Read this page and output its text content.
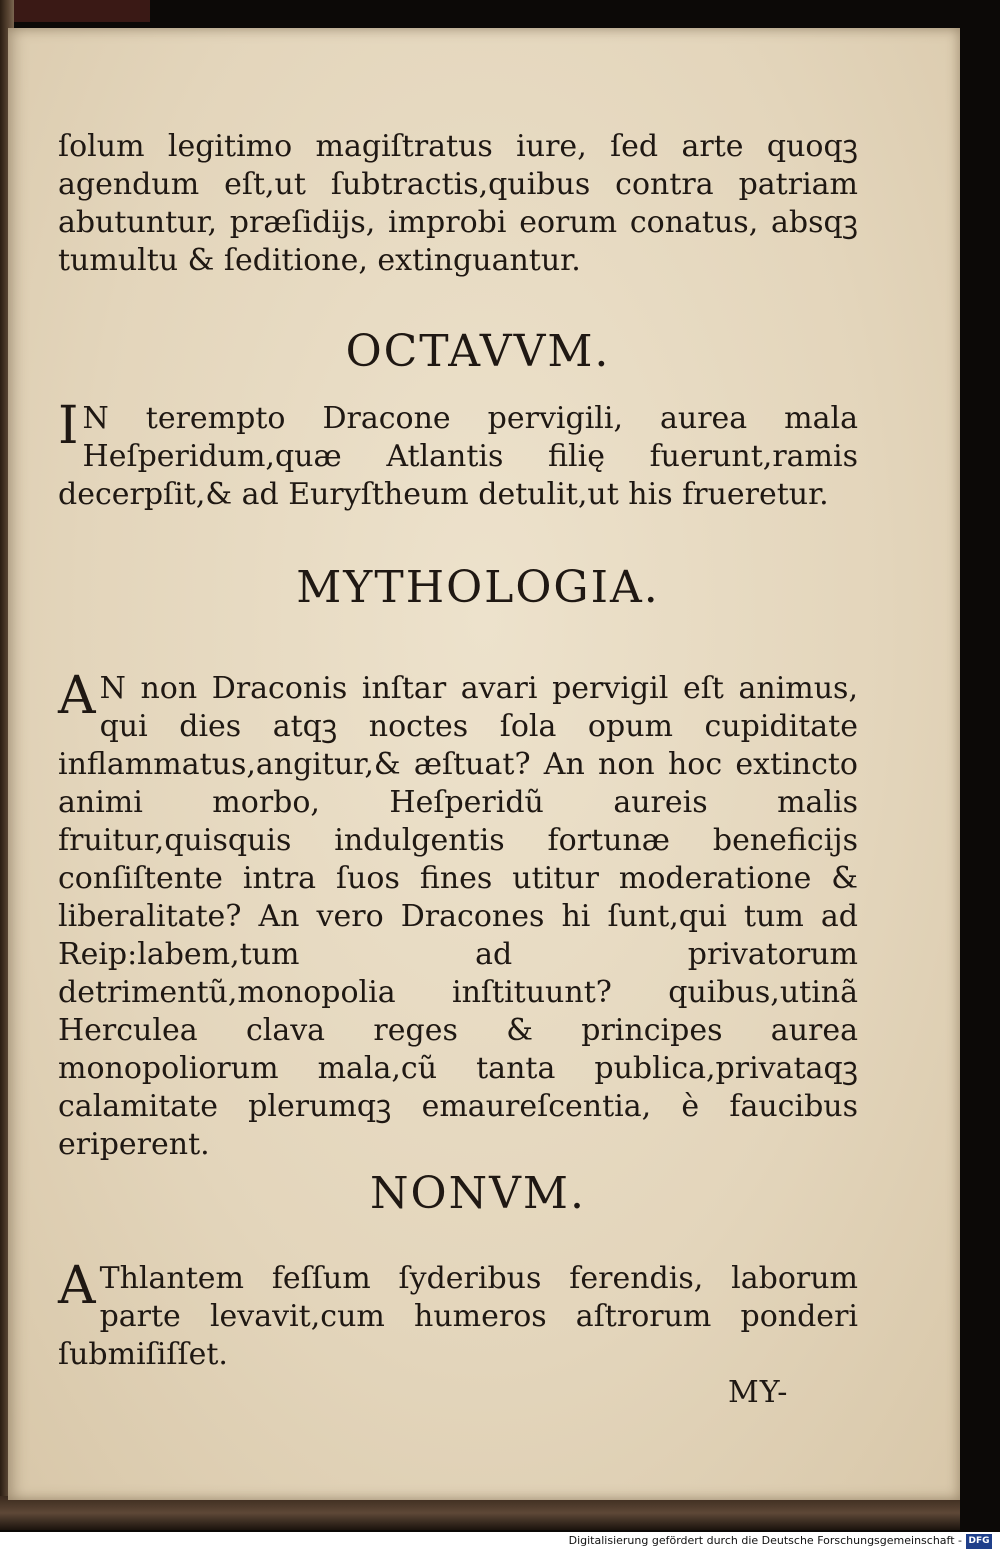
ſolum legitimo magiſtratus iure, ſed arte quoqꝫ agendum eſt,ut ſubtractis,quibus contra patriam abutuntur, præſidijs, improbi eorum conatus, absqꝫ tumultu & ſeditione, extinguantur.

OCTAVVM.

I N terempto Dracone pervigili, aurea mala Heſperidum,quæ Atlantis filię fuerunt,ramis decerpſit,& ad Euryſtheum detulit,ut his frueretur.

MYTHOLOGIA.

A N non Draconis inſtar avari pervigil eſt animus, qui dies atqꝫ noctes ſola opum cupiditate inflammatus,angitur,& æſtuat? An non hoc extincto animi morbo, Heſperidũ aureis malis fruitur,quisquis indulgentis fortunæ beneficijs conſiſtente intra ſuos fines utitur moderatione & liberalitate? An vero Dracones hi ſunt,qui tum ad Reip:labem,tum ad privatorum detrimentũ,monopolia inſtituunt? quibus,utinã Herculea clava reges & principes aurea monopoliorum mala,cũ tanta publica,privataqꝫ calamitate plerumqꝫ emaureſcentia, è faucibus eriperent.

NONVM.

A Thlantem feſſum ſyderibus ferendis, laborum parte levavit,cum humeros aſtrorum ponderi ſubmiſiſſet.

MY-
Digitalisierung gefördert durch die Deutsche Forschungsgemeinschaft - DFG
